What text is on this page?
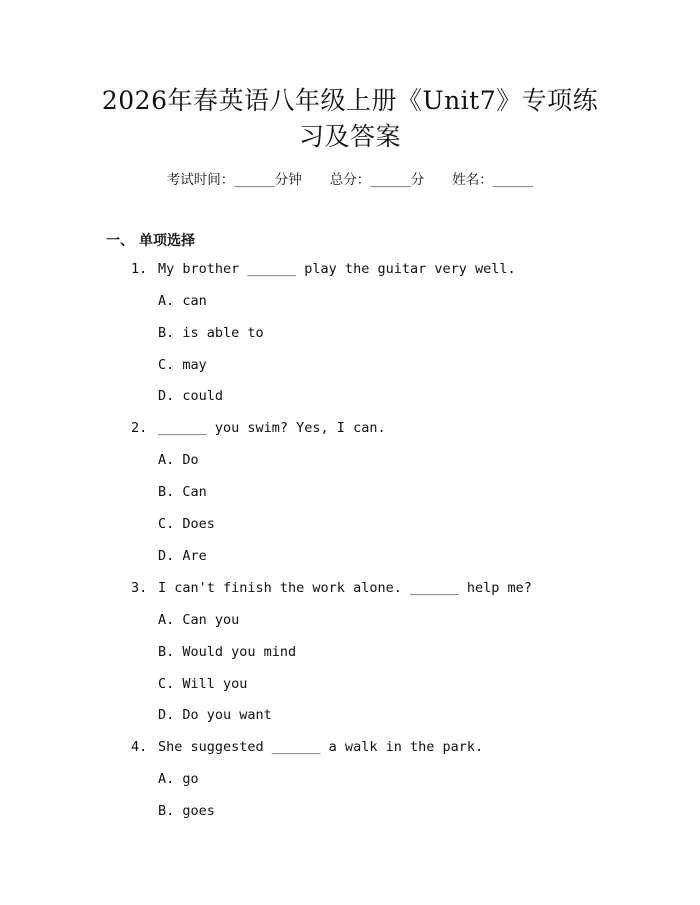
2026年春英语八年级上册《Unit7》专项练
习及答案
考试时间：______分钟 总分：______分 姓名：______
一、 单项选择
1. My brother ______ play the guitar very well.
A. can
B. is able to
C. may
D. could
2. ______ you swim? Yes, I can.
A. Do
B. Can
C. Does
D. Are
3. I can't finish the work alone. ______ help me?
A. Can you
B. Would you mind
C. Will you
D. Do you want
4. She suggested ______ a walk in the park.
A. go
B. goes
